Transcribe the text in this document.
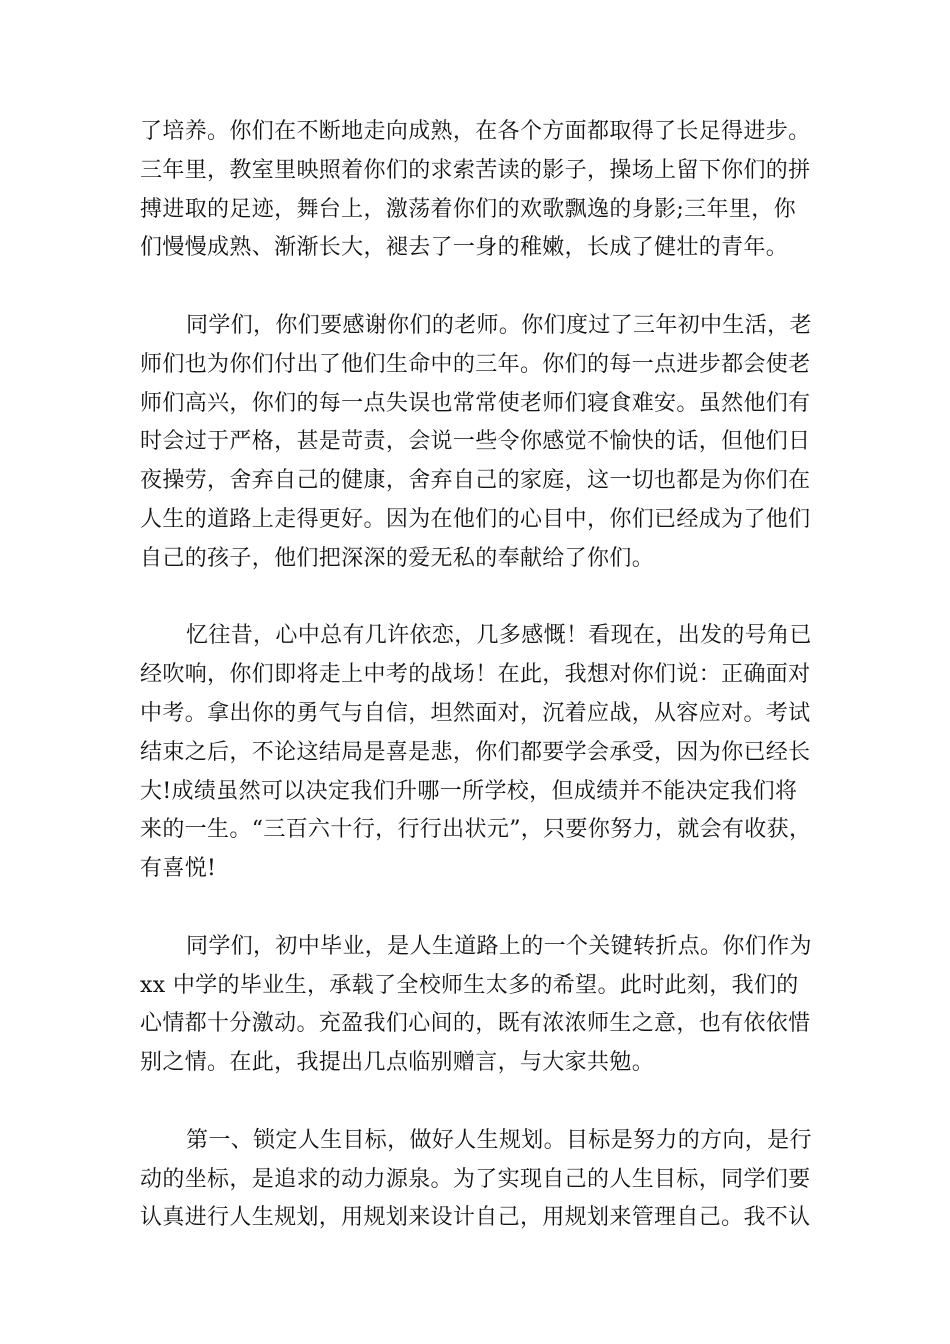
了培养。你们在不断地走向成熟，在各个方面都取得了长足得进步。
三年里，教室里映照着你们的求索苦读的影子，操场上留下你们的拼
搏进取的足迹，舞台上，激荡着你们的欢歌飘逸的身影;三年里，你
们慢慢成熟、渐渐长大，褪去了一身的稚嫩，长成了健壮的青年。
同学们，你们要感谢你们的老师。你们度过了三年初中生活，老
师们也为你们付出了他们生命中的三年。你们的每一点进步都会使老
师们高兴，你们的每一点失误也常常使老师们寝食难安。虽然他们有
时会过于严格，甚是苛责，会说一些令你感觉不愉快的话，但他们日
夜操劳，舍弃自己的健康，舍弃自己的家庭，这一切也都是为你们在
人生的道路上走得更好。因为在他们的心目中，你们已经成为了他们
自己的孩子，他们把深深的爱无私的奉献给了你们。
忆往昔，心中总有几许依恋，几多感慨！看现在，出发的号角已
经吹响，你们即将走上中考的战场！在此，我想对你们说：正确面对
中考。拿出你的勇气与自信，坦然面对，沉着应战，从容应对。考试
结束之后，不论这结局是喜是悲，你们都要学会承受，因为你已经长
大!成绩虽然可以决定我们升哪一所学校，但成绩并不能决定我们将
来的一生。“三百六十行，行行出状元”，只要你努力，就会有收获，
有喜悦!
同学们，初中毕业，是人生道路上的一个关键转折点。你们作为
xx 中学的毕业生，承载了全校师生太多的希望。此时此刻，我们的
心情都十分激动。充盈我们心间的，既有浓浓师生之意，也有依依惜
别之情。在此，我提出几点临别赠言，与大家共勉。
第一、锁定人生目标，做好人生规划。目标是努力的方向，是行
动的坐标，是追求的动力源泉。为了实现自己的人生目标，同学们要
认真进行人生规划，用规划来设计自己，用规划来管理自己。我不认
